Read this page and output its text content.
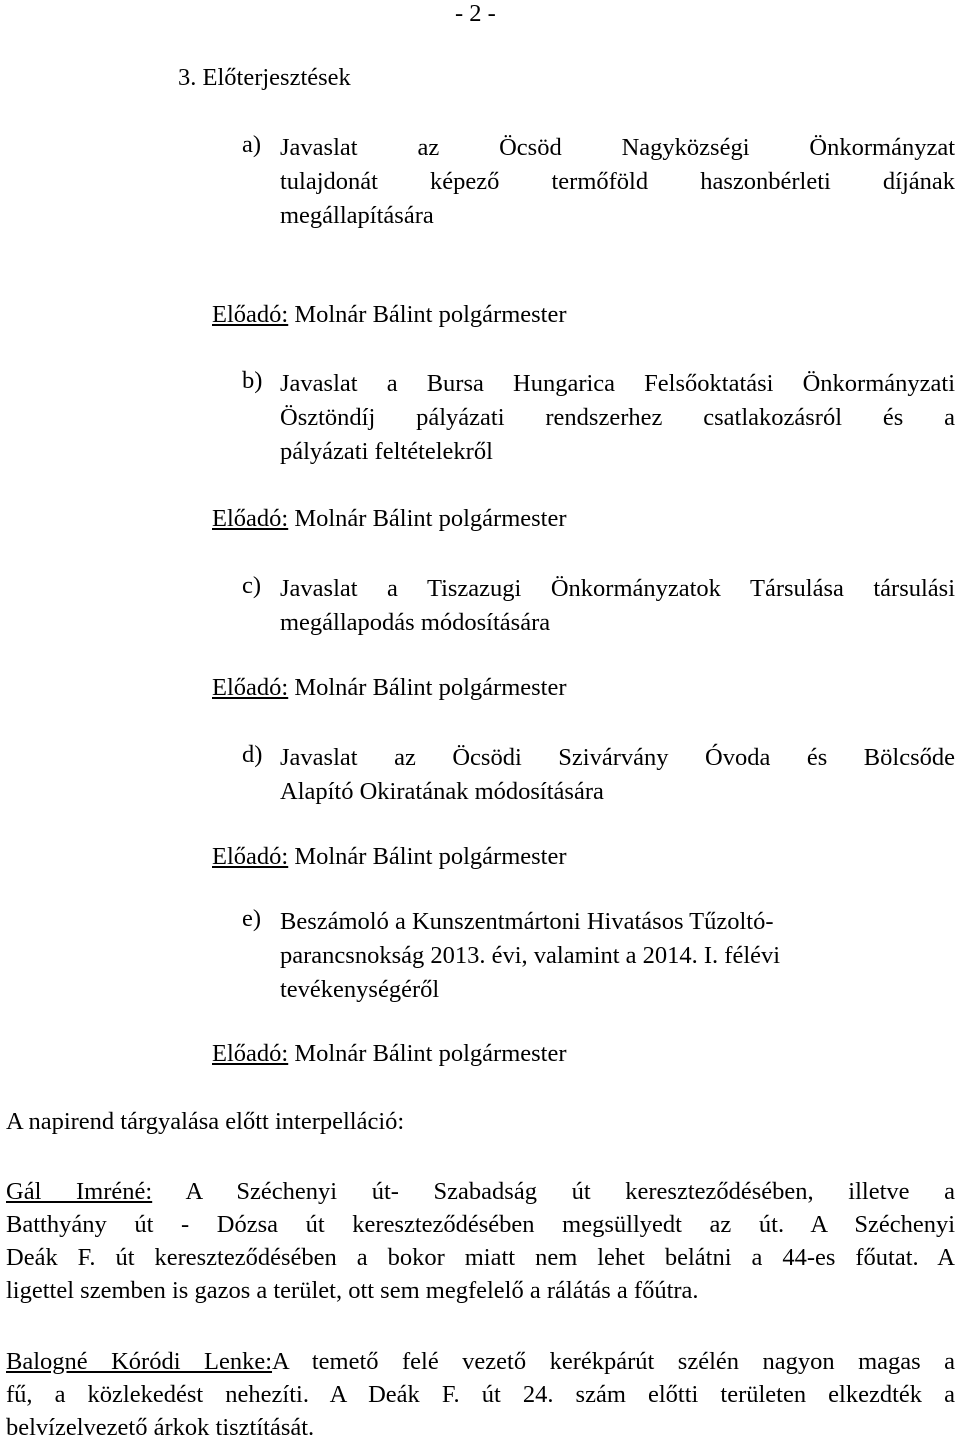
- 2 -
3. Előterjesztések
a) Javaslat az Öcsöd Nagyközségi Önkormányzat
tulajdonát képező termőföld haszonbérleti díjának
megállapítására
Előadó: Molnár Bálint polgármester
b) Javaslat a Bursa Hungarica Felsőoktatási Önkormányzati
Ösztöndíj pályázati rendszerhez csatlakozásról és a
pályázati feltételekről
Előadó: Molnár Bálint polgármester
c) Javaslat a Tiszazugi Önkormányzatok Társulása társulási
megállapodás módosítására
Előadó: Molnár Bálint polgármester
d) Javaslat az Öcsödi Szivárvány Óvoda és Bölcsőde
Alapító Okiratának módosítására
Előadó: Molnár Bálint polgármester
e) Beszámoló a Kunszentmártoni Hivatásos Tűzoltó-
parancsnokság 2013. évi, valamint a 2014. I. félévi
tevékenységéről
Előadó: Molnár Bálint polgármester
A napirend tárgyalása előtt interpelláció:
Gál Imréné: A Széchenyi út- Szabadság út kereszteződésében, illetve a
Batthyány út - Dózsa út kereszteződésében megsüllyedt az út. A Széchenyi
Deák F. út kereszteződésében a bokor miatt nem lehet belátni a 44-es főutat. A
ligettel szemben is gazos a terület, ott sem megfelelő a rálátás a főútra.
Balogné Kóródi Lenke:A temető felé vezető kerékpárút szélén nagyon magas a
fű, a közlekedést nehezíti. A Deák F. út 24. szám előtti területen elkezdték a
belvízelvezető árkok tisztítását.
